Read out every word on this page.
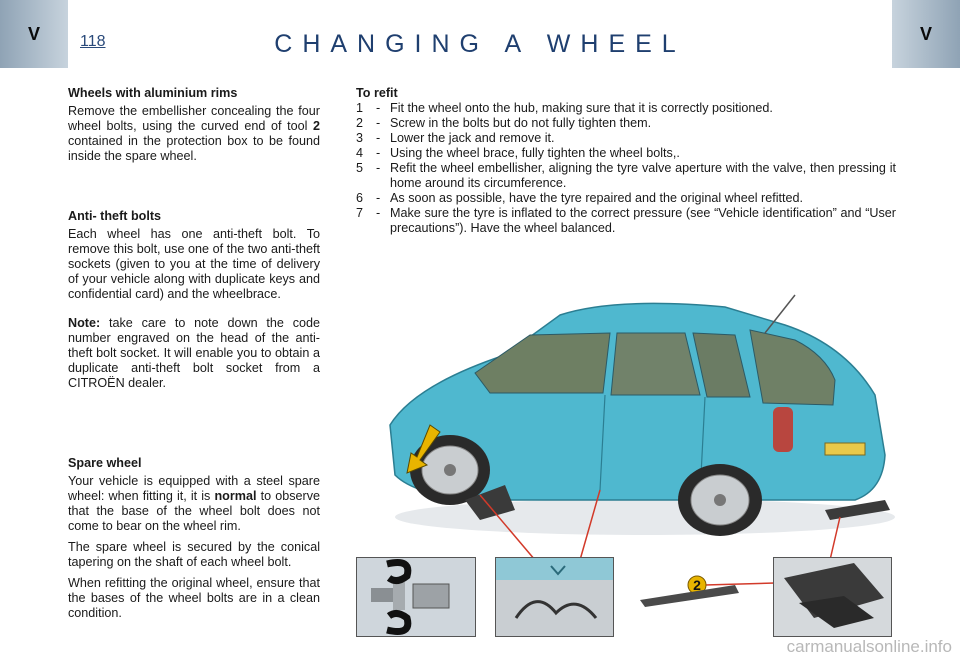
V	V
118	CHANGING A WHEEL
Wheels with aluminium rims

Remove the embellisher concealing the four wheel bolts, using the curved end of tool 2 contained in the protection box to be found inside the spare wheel.

Anti- theft bolts

Each wheel has one anti-theft bolt. To remove this bolt, use one of the two anti-theft sockets (given to you at the time of delivery of your vehicle along with duplicate keys and confidential card) and the wheelbrace.

Note: take care to note down the code number engraved on the head of the anti- theft bolt socket. It will enable you to obtain a duplicate anti-theft bolt socket from a CITROËN dealer.

Spare wheel

Your vehicle is equipped with a steel spare wheel: when fitting it, it is normal to observe that the base of the wheel bolt does not come to bear on the wheel rim.

The spare wheel is secured by the conical tapering on the shaft of each wheel bolt.

When refitting the original wheel, ensure that the bases of the wheel bolts are in a clean condition.

To refit
1	- Fit the wheel onto the hub, making sure that it is correctly positioned.
2	- Screw in the bolts but do not fully tighten them.
3	- Lower the jack and remove it.
4	- Using the wheel brace, fully tighten the wheel bolts,.
5	- Refit the wheel embellisher, aligning the tyre valve aperture with the valve, then pressing it home around its circumference.
6	- As soon as possible, have the tyre repaired and the original wheel refitted.
7	- Make sure the tyre is inflated to the correct pressure (see “Vehicle identification” and “User precautions”). Have the wheel balanced.
2
carmanualsonline.info
